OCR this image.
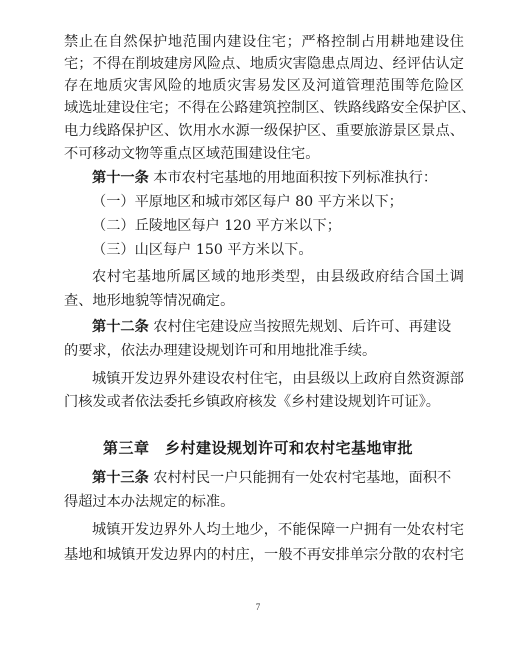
禁止在自然保护地范围内建设住宅；严格控制占用耕地建设住
宅；不得在削坡建房风险点、地质灾害隐患点周边、经评估认定
存在地质灾害风险的地质灾害易发区及河道管理范围等危险区
域选址建设住宅；不得在公路建筑控制区、铁路线路安全保护区、
电力线路保护区、饮用水水源一级保护区、重要旅游景区景点、
不可移动文物等重点区域范围建设住宅。
第十一条 本市农村宅基地的用地面积按下列标准执行：
（一）平原地区和城市郊区每户 80 平方米以下；
（二）丘陵地区每户 120 平方米以下；
（三）山区每户 150 平方米以下。
农村宅基地所属区域的地形类型，由县级政府结合国土调
查、地形地貌等情况确定。
第十二条 农村住宅建设应当按照先规划、后许可、再建设
的要求，依法办理建设规划许可和用地批准手续。
城镇开发边界外建设农村住宅，由县级以上政府自然资源部
门核发或者依法委托乡镇政府核发《乡村建设规划许可证》。
第三章　乡村建设规划许可和农村宅基地审批
第十三条 农村村民一户只能拥有一处农村宅基地，面积不
得超过本办法规定的标准。
城镇开发边界外人均土地少，不能保障一户拥有一处农村宅
基地和城镇开发边界内的村庄，一般不再安排单宗分散的农村宅
7
